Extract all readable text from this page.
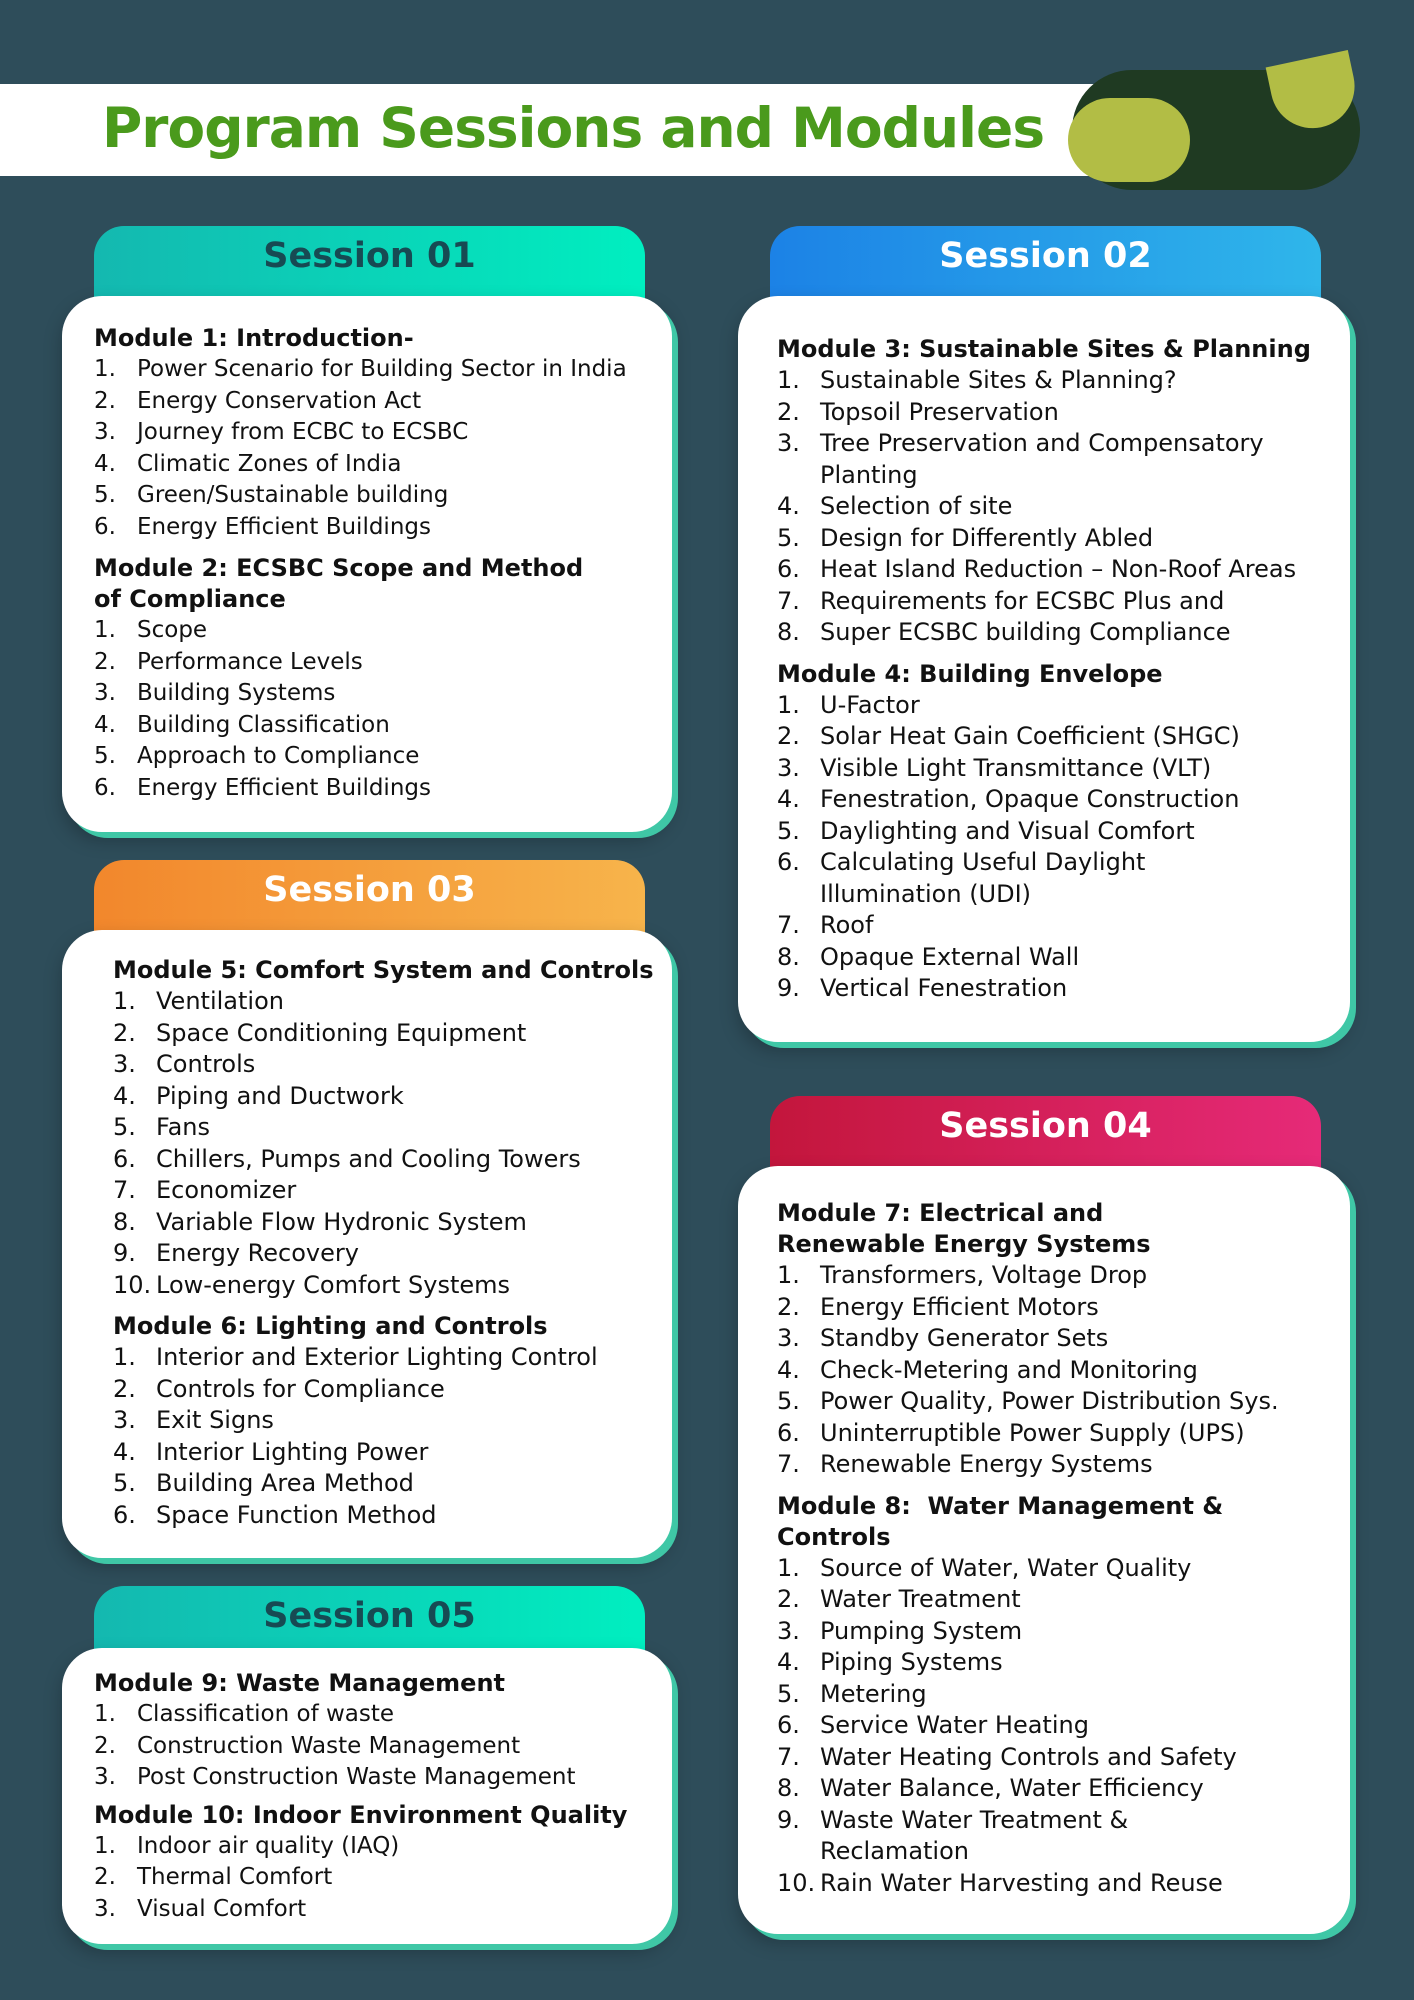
Program Sessions and Modules
Session 01
Module 1: Introduction-
1. Power Scenario for Building Sector in India
2. Energy Conservation Act
3. Journey from ECBC to ECSBC
4. Climatic Zones of India
5. Green/Sustainable building
6. Energy Efficient Buildings
Module 2: ECSBC Scope and Method of Compliance
1. Scope
2. Performance Levels
3. Building Systems
4. Building Classification
5. Approach to Compliance
6. Energy Efficient Buildings
Session 02
Module 3: Sustainable Sites & Planning
1. Sustainable Sites & Planning?
2. Topsoil Preservation
3. Tree Preservation and Compensatory Planting
4. Selection of site
5. Design for Differently Abled
6. Heat Island Reduction – Non-Roof Areas
7. Requirements for ECSBC Plus and
8. Super ECSBC building Compliance
Module 4: Building Envelope
1. U-Factor
2. Solar Heat Gain Coefficient (SHGC)
3. Visible Light Transmittance (VLT)
4. Fenestration, Opaque Construction
5. Daylighting and Visual Comfort
6. Calculating Useful Daylight Illumination (UDI)
7. Roof
8. Opaque External Wall
9. Vertical Fenestration
Session 03
Module 5: Comfort System and Controls
1. Ventilation
2. Space Conditioning Equipment
3. Controls
4. Piping and Ductwork
5. Fans
6. Chillers, Pumps and Cooling Towers
7. Economizer
8. Variable Flow Hydronic System
9. Energy Recovery
10. Low-energy Comfort Systems
Module 6: Lighting and Controls
1. Interior and Exterior Lighting Control
2. Controls for Compliance
3. Exit Signs
4. Interior Lighting Power
5. Building Area Method
6. Space Function Method
Session 04
Module 7: Electrical and Renewable Energy Systems
1. Transformers, Voltage Drop
2. Energy Efficient Motors
3. Standby Generator Sets
4. Check-Metering and Monitoring
5. Power Quality, Power Distribution Sys.
6. Uninterruptible Power Supply (UPS)
7. Renewable Energy Systems
Module 8:  Water Management & Controls
1. Source of Water, Water Quality
2. Water Treatment
3. Pumping System
4. Piping Systems
5. Metering
6. Service Water Heating
7. Water Heating Controls and Safety
8. Water Balance, Water Efficiency
9. Waste Water Treatment & Reclamation
10. Rain Water Harvesting and Reuse
Session 05
Module 9: Waste Management
1. Classification of waste
2. Construction Waste Management
3. Post Construction Waste Management
Module 10: Indoor Environment Quality
1. Indoor air quality (IAQ)
2. Thermal Comfort
3. Visual Comfort
